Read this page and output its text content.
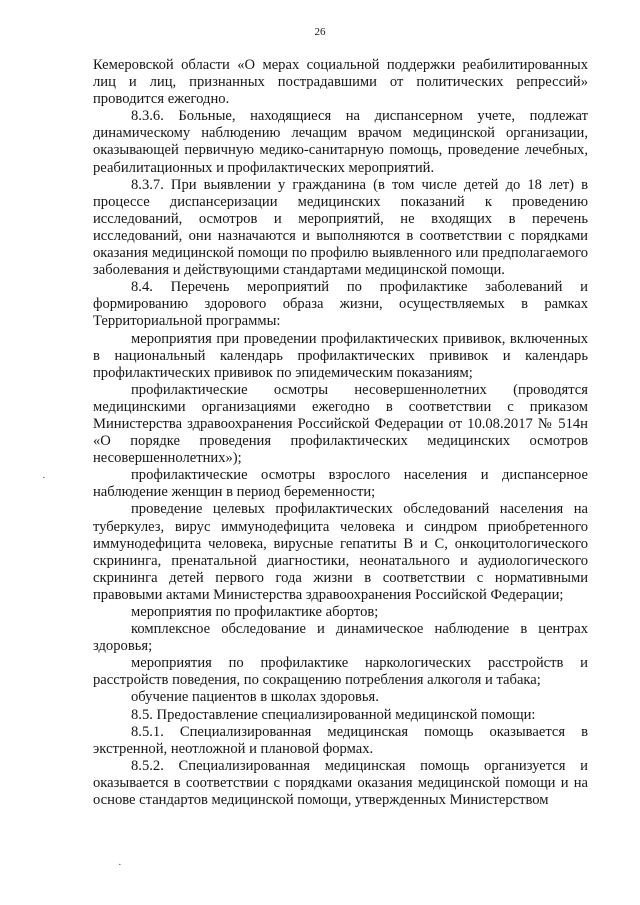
26

Кемеровской области «О мерах социальной поддержки реабилитированных лиц и лиц, признанных пострадавшими от политических репрессий» проводится ежегодно.

8.3.6. Больные, находящиеся на диспансерном учете, подлежат динамическому наблюдению лечащим врачом медицинской организации, оказывающей первичную медико-санитарную помощь, проведение лечебных, реабилитационных и профилактических мероприятий.

8.3.7. При выявлении у гражданина (в том числе детей до 18 лет) в процессе диспансеризации медицинских показаний к проведению исследований, осмотров и мероприятий, не входящих в перечень исследований, они назначаются и выполняются в соответствии с порядками оказания медицинской помощи по профилю выявленного или предполагаемого заболевания и действующими стандартами медицинской помощи.

8.4. Перечень мероприятий по профилактике заболеваний и формированию здорового образа жизни, осуществляемых в рамках Территориальной программы:

мероприятия при проведении профилактических прививок, включенных в национальный календарь профилактических прививок и календарь профилактических прививок по эпидемическим показаниям;

профилактические осмотры несовершеннолетних (проводятся медицинскими организациями ежегодно в соответствии с приказом Министерства здравоохранения Российской Федерации от 10.08.2017 № 514н «О порядке проведения профилактических медицинских осмотров несовершеннолетних»);

профилактические осмотры взрослого населения и диспансерное наблюдение женщин в период беременности;

проведение целевых профилактических обследований населения на туберкулез, вирус иммунодефицита человека и синдром приобретенного иммунодефицита человека, вирусные гепатиты B и C, онкоцитологического скрининга, пренатальной диагностики, неонатального и аудиологического скрининга детей первого года жизни в соответствии с нормативными правовыми актами Министерства здравоохранения Российской Федерации;

мероприятия по профилактике абортов;

комплексное обследование и динамическое наблюдение в центрах здоровья;

мероприятия по профилактике наркологических расстройств и расстройств поведения, по сокращению потребления алкоголя и табака;

обучение пациентов в школах здоровья.

8.5. Предоставление специализированной медицинской помощи:

8.5.1. Специализированная медицинская помощь оказывается в экстренной, неотложной и плановой формах.

8.5.2. Специализированная медицинская помощь организуется и оказывается в соответствии с порядками оказания медицинской помощи и на основе стандартов медицинской помощи, утвержденных Министерством

·
·
